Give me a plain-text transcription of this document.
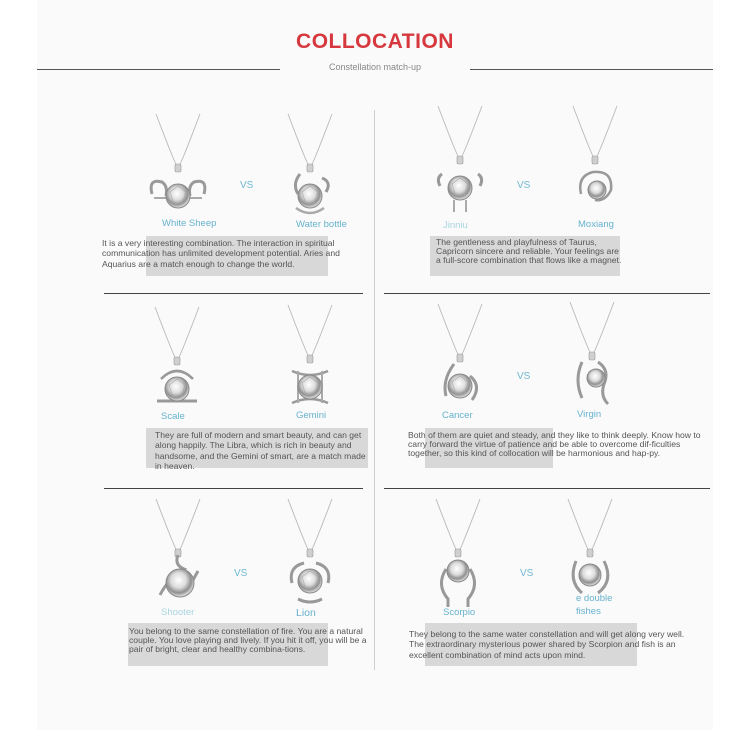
COLLOCATION
Constellation match-up
VS
White Sheep	Water bottle
It is a very interesting combination. The interaction in spiritual communication has unlimited development potential. Aries and Aquarius are a match enough to change the world.
VS
Jinniu	Moxiang
The gentleness and playfulness of Taurus, Capricorn sincere and reliable. Your feelings are a full-score combination that flows like a magnet.
Scale	Gemini
They are full of modern and smart beauty, and can get along happily. The Libra, which is rich in beauty and handsome, and the Gemini of smart, are a match made in heaven.
VS
Cancer	Virgin
Both of them are quiet and steady, and they like to think deeply. Know how to carry forward the virtue of patience and be able to overcome dif-ficulties together, so this kind of collocation will be harmonious and hap-py.
VS
Shooter	Lion
You belong to the same constellation of fire. You are a natural couple. You love playing and lively. If you hit it off, you will be a pair of bright, clear and healthy combina-tions.
VS
Scorpio
e double fishes
They belong to the same water constellation and will get along very well. The extraordinary mysterious power shared by Scorpion and fish is an excellent combination of mind acts upon mind.
